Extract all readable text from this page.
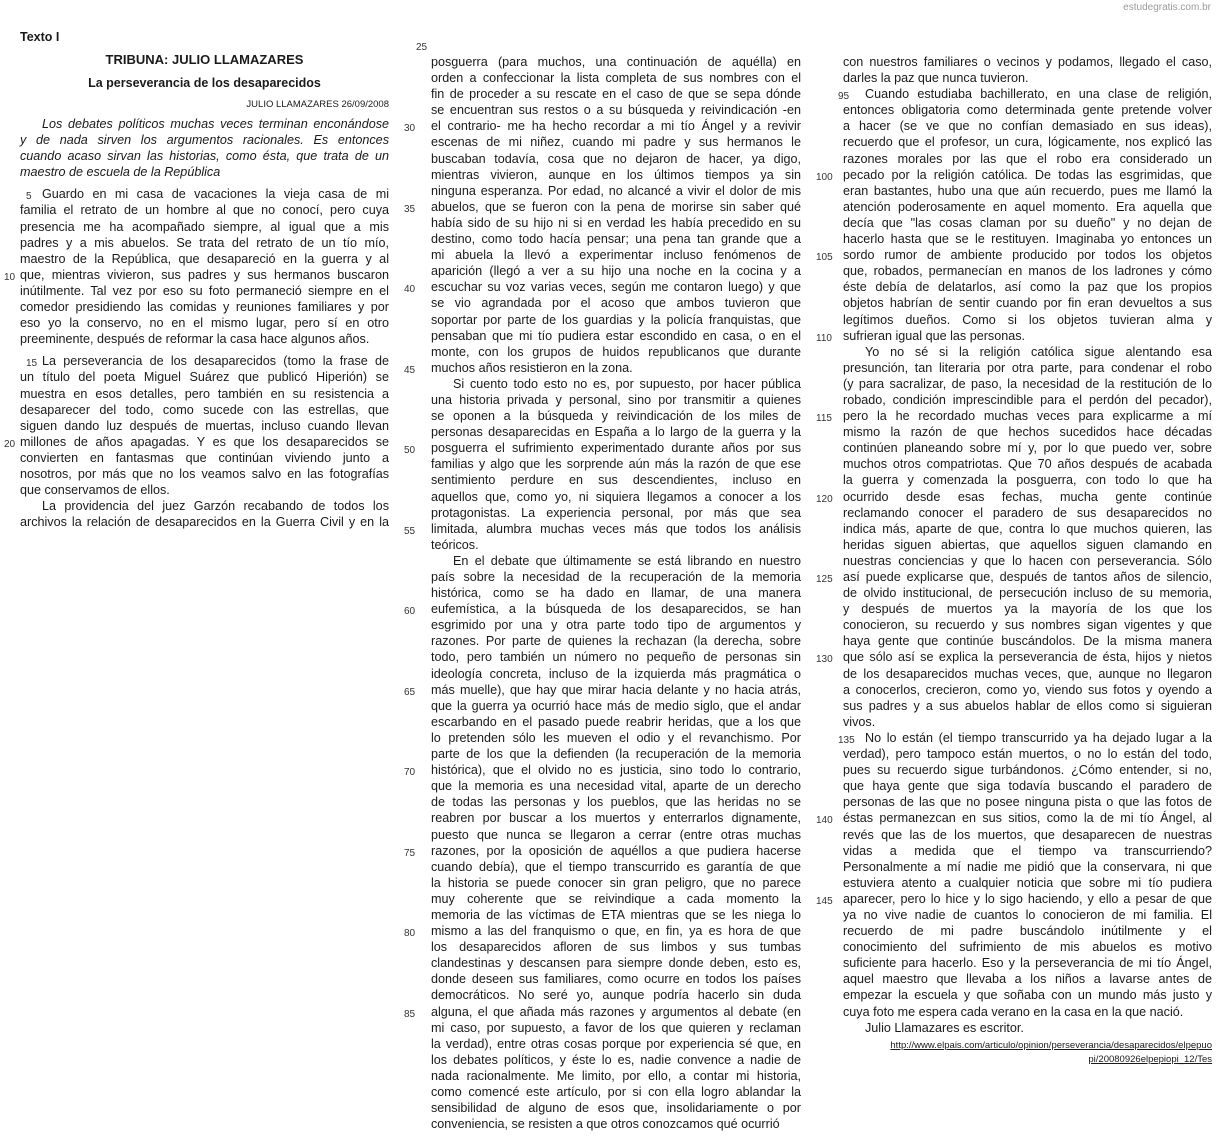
estudegratis.com.br
25
Texto I
TRIBUNA: JULIO LLAMAZARES
La perseverancia de los desaparecidos
JULIO LLAMAZARES 26/09/2008
Los debates políticos muchas veces terminan enconándose
y de nada sirven los argumentos racionales. Es entonces
cuando acaso sirvan las historias, como ésta, que trata de un
maestro de escuela de la República
5 Guardo en mi casa de vacaciones la vieja casa de mi
familia el retrato de un hombre al que no conocí, pero cuya
presencia me ha acompañado siempre, al igual que a mis
padres y a mis abuelos. Se trata del retrato de un tío mío,
maestro de la República, que desapareció en la guerra y al
10 que, mientras vivieron, sus padres y sus hermanos buscaron
inútilmente. Tal vez por eso su foto permaneció siempre en el
comedor presidiendo las comidas y reuniones familiares y por
eso yo la conservo, no en el mismo lugar, pero sí en otro
preeminente, después de reformar la casa hace algunos años.
15 La perseverancia de los desaparecidos (tomo la frase de
un título del poeta Miguel Suárez que publicó Hiperión) se
muestra en esos detalles, pero también en su resistencia a
desaparecer del todo, como sucede con las estrellas, que
siguen dando luz después de muertas, incluso cuando llevan
20 millones de años apagadas. Y es que los desaparecidos se
convierten en fantasmas que continúan viviendo junto a
nosotros, por más que no los veamos salvo en las fotografías
que conservamos de ellos.
La providencia del juez Garzón recabando de todos los
archivos la relación de desaparecidos en la Guerra Civil y en la
posguerra (para muchos, una continuación de aquélla) en
orden a confeccionar la lista completa de sus nombres con el
fin de proceder a su rescate en el caso de que se sepa dónde
se encuentran sus restos o a su búsqueda y reivindicación -en
30 el contrario- me ha hecho recordar a mi tío Ángel y a revivir
escenas de mi niñez, cuando mi padre y sus hermanos le
buscaban todavía, cosa que no dejaron de hacer, ya digo,
mientras vivieron, aunque en los últimos tiempos ya sin
ninguna esperanza. Por edad, no alcancé a vivir el dolor de mis
35 abuelos, que se fueron con la pena de morirse sin saber qué
había sido de su hijo ni si en verdad les había precedido en su
destino, como todo hacía pensar; una pena tan grande que a
mi abuela la llevó a experimentar incluso fenómenos de
aparición (llegó a ver a su hijo una noche en la cocina y a
40 escuchar su voz varias veces, según me contaron luego) y que
se vio agrandada por el acoso que ambos tuvieron que
soportar por parte de los guardias y la policía franquistas, que
pensaban que mi tío pudiera estar escondido en casa, o en el
monte, con los grupos de huidos republicanos que durante
45 muchos años resistieron en la zona.
Si cuento todo esto no es, por supuesto, por hacer pública
una historia privada y personal, sino por transmitir a quienes
se oponen a la búsqueda y reivindicación de los miles de
personas desaparecidas en España a lo largo de la guerra y la
50 posguerra el sufrimiento experimentado durante años por sus
familias y algo que les sorprende aún más la razón de que ese
sentimiento perdure en sus descendientes, incluso en
aquellos que, como yo, ni siquiera llegamos a conocer a los
protagonistas. La experiencia personal, por más que sea
55 limitada, alumbra muchas veces más que todos los análisis
teóricos.
En el debate que últimamente se está librando en nuestro
país sobre la necesidad de la recuperación de la memoria
histórica, como se ha dado en llamar, de una manera
60 eufemística, a la búsqueda de los desaparecidos, se han
esgrimido por una y otra parte todo tipo de argumentos y
razones. Por parte de quienes la rechazan (la derecha, sobre
todo, pero también un número no pequeño de personas sin
ideología concreta, incluso de la izquierda más pragmática o
65 más muelle), que hay que mirar hacia delante y no hacia atrás,
que la guerra ya ocurrió hace más de medio siglo, que el andar
escarbando en el pasado puede reabrir heridas, que a los que
lo pretenden sólo les mueven el odio y el revanchismo. Por
parte de los que la defienden (la recuperación de la memoria
70 histórica), que el olvido no es justicia, sino todo lo contrario,
que la memoria es una necesidad vital, aparte de un derecho
de todas las personas y los pueblos, que las heridas no se
reabren por buscar a los muertos y enterrarlos dignamente,
puesto que nunca se llegaron a cerrar (entre otras muchas
75 razones, por la oposición de aquéllos a que pudiera hacerse
cuando debía), que el tiempo transcurrido es garantía de que
la historia se puede conocer sin gran peligro, que no parece
muy coherente que se reivindique a cada momento la
memoria de las víctimas de ETA mientras que se les niega lo
80 mismo a las del franquismo o que, en fin, ya es hora de que
los desaparecidos afloren de sus limbos y sus tumbas
clandestinas y descansen para siempre donde deben, esto es,
donde deseen sus familiares, como ocurre en todos los países
democráticos. No seré yo, aunque podría hacerlo sin duda
85 alguna, el que añada más razones y argumentos al debate (en
mi caso, por supuesto, a favor de los que quieren y reclaman
la verdad), entre otras cosas porque por experiencia sé que, en
los debates políticos, y éste lo es, nadie convence a nadie de
nada racionalmente. Me limito, por ello, a contar mi historia,
como comencé este artículo, por si con ella logro ablandar la
sensibilidad de alguno de esos que, insolidariamente o por
conveniencia, se resisten a que otros conozcamos qué ocurrió
con nuestros familiares o vecinos y podamos, llegado el caso,
darles la paz que nunca tuvieron.
95 Cuando estudiaba bachillerato, en una clase de religión,
entonces obligatoria como determinada gente pretende volver
a hacer (se ve que no confían demasiado en sus ideas),
recuerdo que el profesor, un cura, lógicamente, nos explicó las
razones morales por las que el robo era considerado un
100 pecado por la religión católica. De todas las esgrimidas, que
eran bastantes, hubo una que aún recuerdo, pues me llamó la
atención poderosamente en aquel momento. Era aquella que
decía que "las cosas claman por su dueño" y no dejan de
hacerlo hasta que se le restituyen. Imaginaba yo entonces un
105 sordo rumor de ambiente producido por todos los objetos
que, robados, permanecían en manos de los ladrones y cómo
éste debía de delatarlos, así como la paz que los propios
objetos habrían de sentir cuando por fin eran devueltos a sus
legítimos dueños. Como si los objetos tuvieran alma y
110 sufrieran igual que las personas.
Yo no sé si la religión católica sigue alentando esa
presunción, tan literaria por otra parte, para condenar el robo
(y para sacralizar, de paso, la necesidad de la restitución de lo
robado, condición imprescindible para el perdón del pecador),
115 pero la he recordado muchas veces para explicarme a mí
mismo la razón de que hechos sucedidos hace décadas
continúen planeando sobre mí y, por lo que puedo ver, sobre
muchos otros compatriotas. Que 70 años después de acabada
la guerra y comenzada la posguerra, con todo lo que ha
120 ocurrido desde esas fechas, mucha gente continúe
reclamando conocer el paradero de sus desaparecidos no
indica más, aparte de que, contra lo que muchos quieren, las
heridas siguen abiertas, que aquellos siguen clamando en
nuestras conciencias y que lo hacen con perseverancia. Sólo
125 así puede explicarse que, después de tantos años de silencio,
de olvido institucional, de persecución incluso de su memoria,
y después de muertos ya la mayoría de los que los
conocieron, su recuerdo y sus nombres sigan vigentes y que
haya gente que continúe buscándolos. De la misma manera
130 que sólo así se explica la perseverancia de ésta, hijos y nietos
de los desaparecidos muchas veces, que, aunque no llegaron
a conocerlos, crecieron, como yo, viendo sus fotos y oyendo a
sus padres y a sus abuelos hablar de ellos como si siguieran
vivos.
135 No lo están (el tiempo transcurrido ya ha dejado lugar a la
verdad), pero tampoco están muertos, o no lo están del todo,
pues su recuerdo sigue turbándonos. ¿Cómo entender, si no,
que haya gente que siga todavía buscando el paradero de
personas de las que no posee ninguna pista o que las fotos de
140 éstas permanezcan en sus sitios, como la de mi tío Ángel, al
revés que las de los muertos, que desaparecen de nuestras
vidas a medida que el tiempo va transcurriendo?
Personalmente a mí nadie me pidió que la conservara, ni que
estuviera atento a cualquier noticia que sobre mi tío pudiera
145 aparecer, pero lo hice y lo sigo haciendo, y ello a pesar de que
ya no vive nadie de cuantos lo conocieron de mi familia. El
recuerdo de mi padre buscándolo inútilmente y el
conocimiento del sufrimiento de mis abuelos es motivo
suficiente para hacerlo. Eso y la perseverancia de mi tío Ángel,
aquel maestro que llevaba a los niños a lavarse antes de
empezar la escuela y que soñaba con un mundo más justo y
cuya foto me espera cada verano en la casa en la que nació.
Julio Llamazares es escritor.
http://www.elpais.com/articulo/opinion/perseverancia/desaparecidos/elpepuo
pi/20080926elpepiopi_12/Tes
